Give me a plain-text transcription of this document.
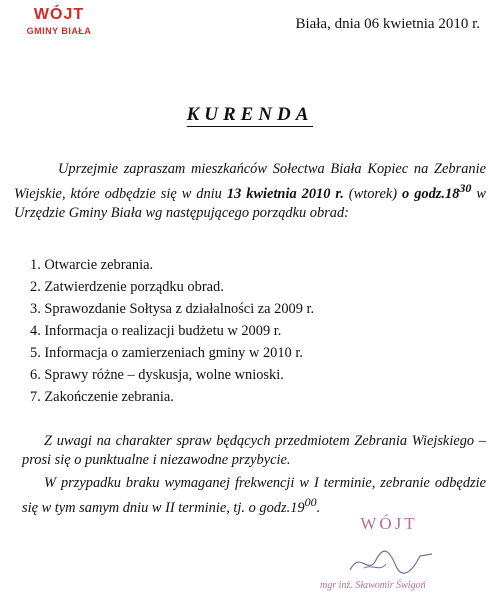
WÓJT
GMINY BIAŁA	Biała, dnia 06 kwietnia 2010 r.
KURENDA

Uprzejmie zapraszam mieszkańców Sołectwa Biała Kopiec na Zebranie Wiejskie, które odbędzie się w dniu 13 kwietnia 2010 r. (wtorek) o $godz.18^{30}$ w Urzędzie Gminy Biała wg następującego porządku obrad:

1. Otwarcie zebrania.
2. Zatwierdzenie porządku obrad.
3. Sprawozdanie Sołtysa z działalności za 2009 r.
4. Informacja o realizacji budżetu w 2009 r.
5. Informacja o zamierzeniach gminy w 2010 r.
6. Sprawy różne – dyskusja, wolne wnioski.
7. Zakończenie zebrania.

Z uwagi na charakter spraw będących przedmiotem Zebrania Wiejskiego – prosi się o punktualne i niezawodne przybycie.

W przypadku braku wymaganej frekwencji w I terminie, zebranie odbędzie się w tym samym dniu w II terminie, tj. o $godz.19^{00}$.

WÓJT
mgr inż. Sławomir Świgoń
